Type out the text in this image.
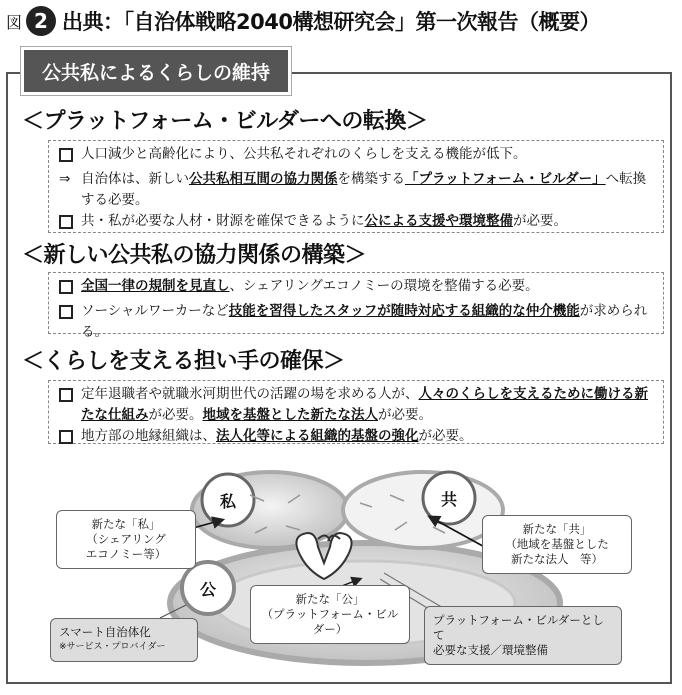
図 2 出典：「自治体戦略2040構想研究会」第一次報告（概要）
公共私によるくらしの維持
＜プラットフォーム・ビルダーへの転換＞
人口減少と高齢化により、公共私それぞれのくらしを支える機能が低下。
⇒ 自治体は、新しい公共私相互間の協力関係を構築する「プラットフォーム・ビルダー」へ転換する必要。
共・私が必要な人材・財源を確保できるように公による支援や環境整備が必要。
＜新しい公共私の協力関係の構築＞
全国一律の規制を見直し、シェアリングエコノミーの環境を整備する必要。
ソーシャルワーカーなど技能を習得したスタッフが随時対応する組織的な仲介機能が求められる。
＜くらしを支える担い手の確保＞
定年退職者や就職氷河期世代の活躍の場を求める人が、人々のくらしを支えるために働ける新たな仕組みが必要。地域を基盤とした新たな法人が必要。
地方部の地縁組織は、法人化等による組織的基盤の強化が必要。
私	共
公
新たな「私」
（シェアリング
エコノミー等）
新たな「共」
（地域を基盤とした
新たな法人　等）
新たな「公」
（プラットフォーム・ビルダー）
スマート自治体化
※サービス・プロバイダー
プラットフォーム・ビルダーとして
必要な支援／環境整備
